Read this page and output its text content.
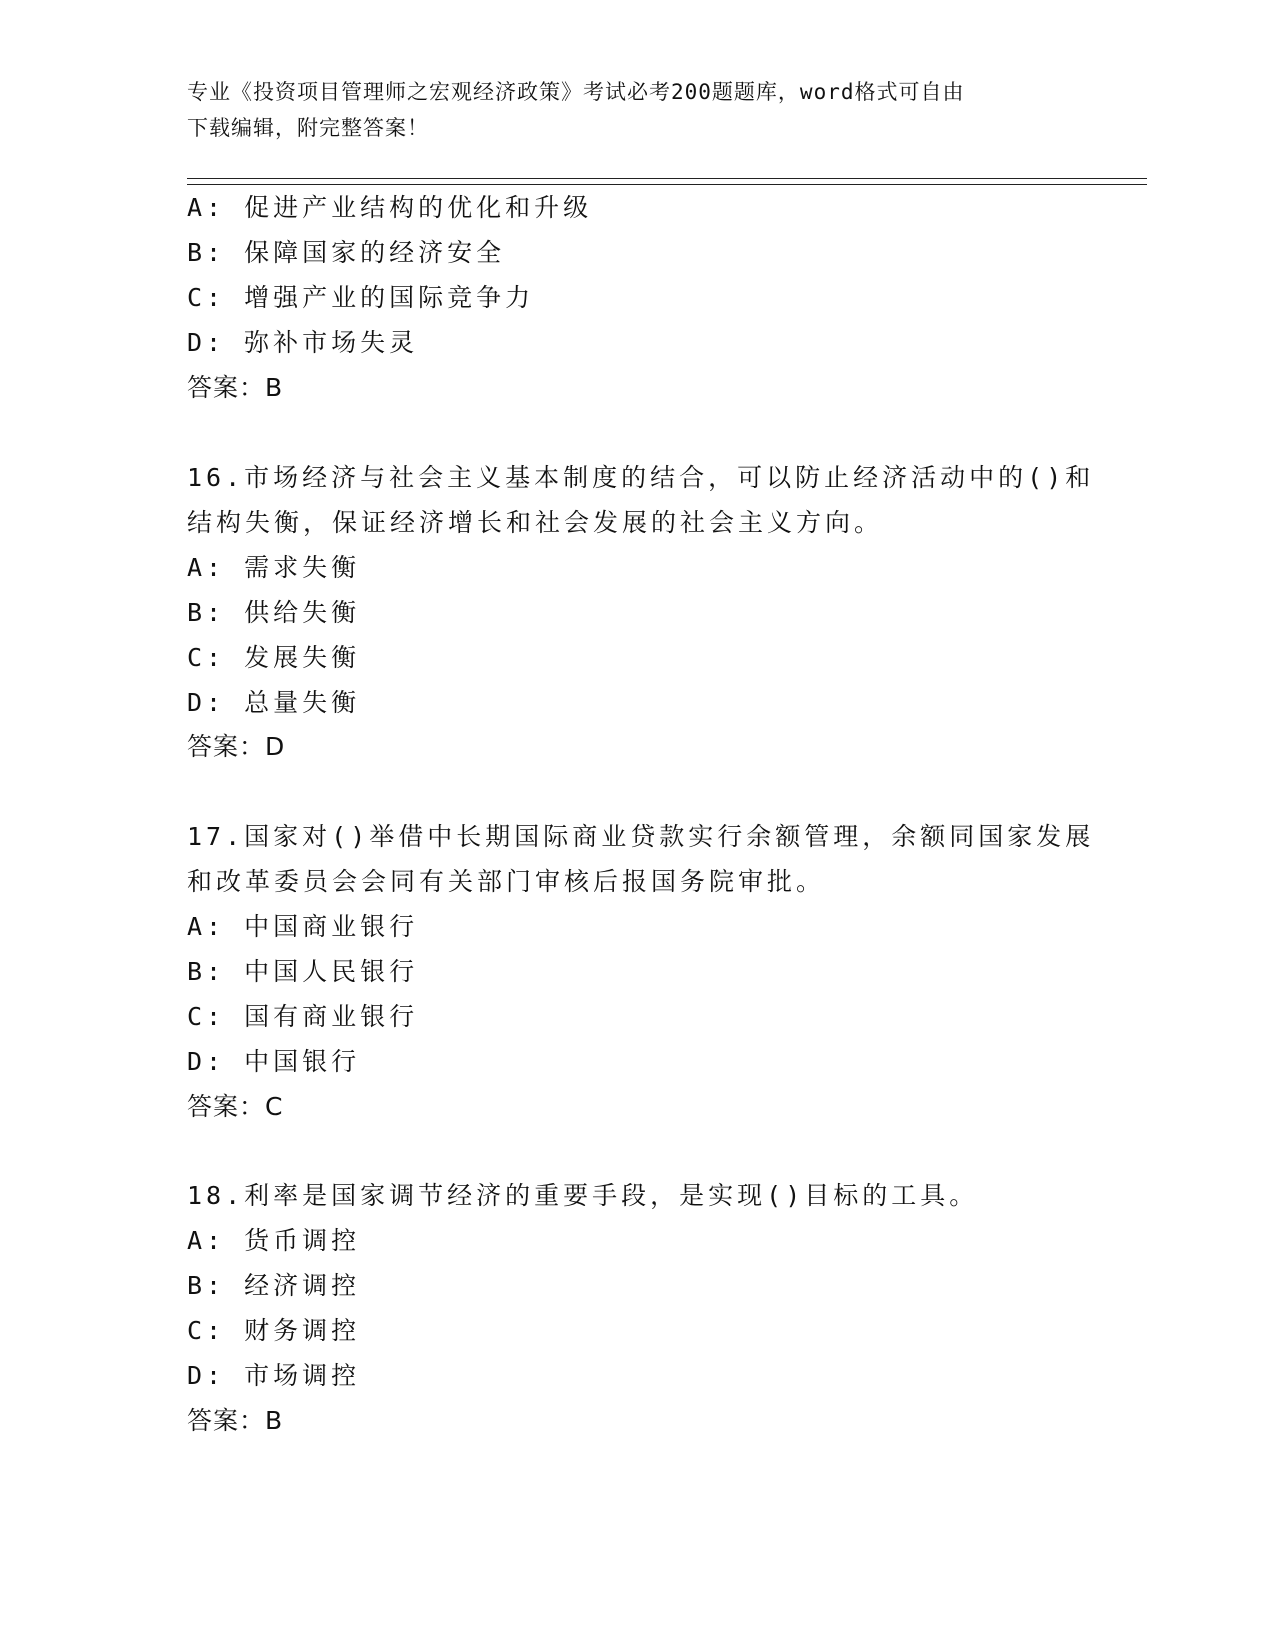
专业《投资项目管理师之宏观经济政策》考试必考200题题库，word格式可自由
下载编辑，附完整答案！
A: 促进产业结构的优化和升级
B: 保障国家的经济安全
C: 增强产业的国际竞争力
D: 弥补市场失灵
答案：B
16.市场经济与社会主义基本制度的结合，可以防止经济活动中的()和
结构失衡，保证经济增长和社会发展的社会主义方向。
A: 需求失衡
B: 供给失衡
C: 发展失衡
D: 总量失衡
答案：D
17.国家对()举借中长期国际商业贷款实行余额管理，余额同国家发展
和改革委员会会同有关部门审核后报国务院审批。
A: 中国商业银行
B: 中国人民银行
C: 国有商业银行
D: 中国银行
答案：C
18.利率是国家调节经济的重要手段，是实现()目标的工具。
A: 货币调控
B: 经济调控
C: 财务调控
D: 市场调控
答案：B
